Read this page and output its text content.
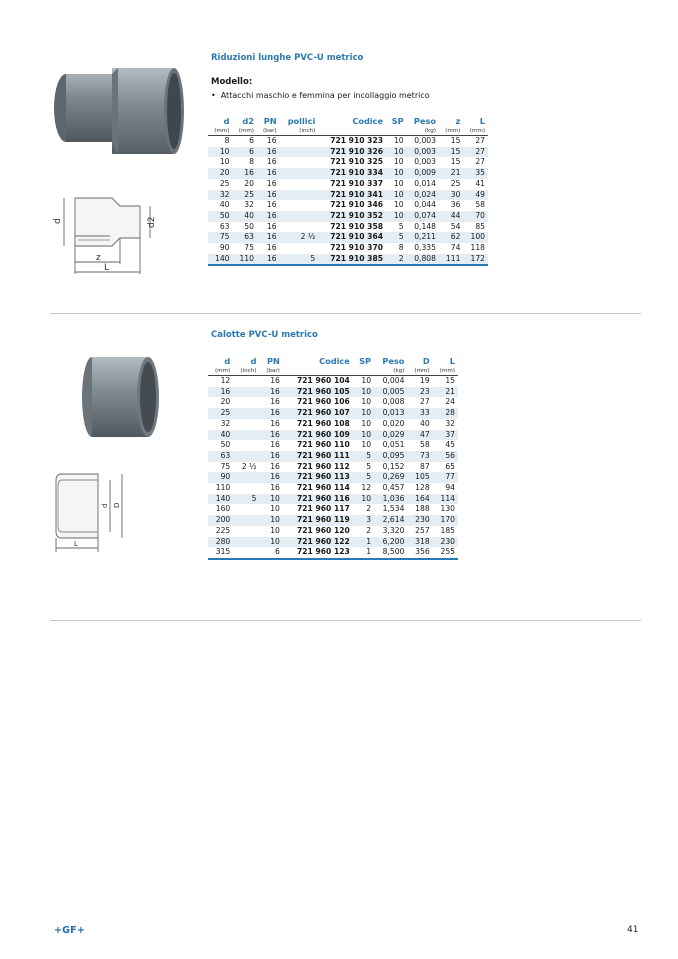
Riduzioni lunghe PVC-U metrico
Modello:
• Attacchi maschio e femmina per incollaggio metrico
d	d2
z
L
d	d2	PN	pollici	Codice	SP	Peso	z	L
(mm)	(mm)	(bar)	(inch)			(kg)	(mm)	(mm)
8	6	16		721 910 323	10	0,003	15	27
10	6	16		721 910 326	10	0,003	15	27
10	8	16		721 910 325	10	0,003	15	27
20	16	16		721 910 334	10	0,009	21	35
25	20	16		721 910 337	10	0,014	25	41
32	25	16		721 910 341	10	0,024	30	49
40	32	16		721 910 346	10	0,044	36	58
50	40	16		721 910 352	10	0,074	44	70
63	50	16		721 910 358	5	0,148	54	85
75	63	16	2 ½	721 910 364	5	0,211	62	100
90	75	16		721 910 370	8	0,335	74	118
140	110	16	5	721 910 385	2	0,808	111	172
Calotte PVC-U metrico
d D
L
d	d	PN	Codice	SP	Peso	D	L
(mm)	(inch)	(bar)			(kg)	(mm)	(mm)
12		16	721 960 104	10	0,004	19	15
16		16	721 960 105	10	0,005	23	21
20		16	721 960 106	10	0,008	27	24
25		16	721 960 107	10	0,013	33	28
32		16	721 960 108	10	0,020	40	32
40		16	721 960 109	10	0,029	47	37
50		16	721 960 110	10	0,051	58	45
63		16	721 960 111	5	0,095	73	56
75	2 ½	16	721 960 112	5	0,152	87	65
90		16	721 960 113	5	0,269	105	77
110		16	721 960 114	12	0,457	128	94
140	5	10	721 960 116	10	1,036	164	114
160		10	721 960 117	2	1,534	188	130
200		10	721 960 119	3	2,614	230	170
225		10	721 960 120	2	3,320	257	185
280		10	721 960 122	1	6,200	318	230
315		6	721 960 123	1	8,500	356	255
+GF+	41
